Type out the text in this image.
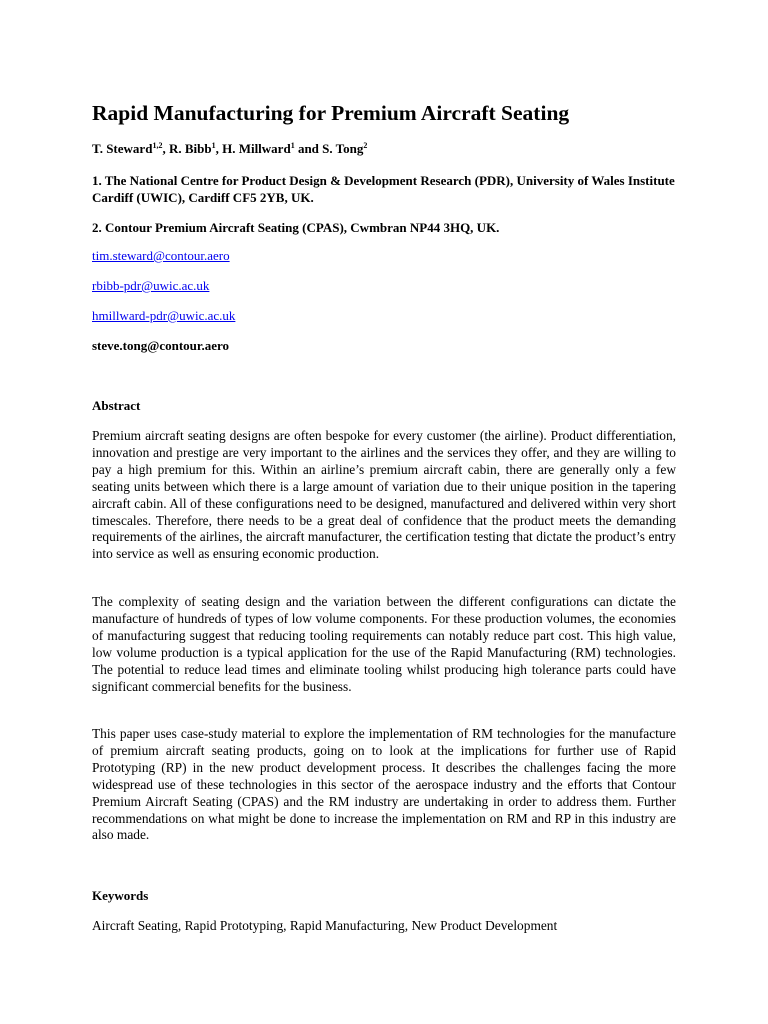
Rapid Manufacturing for Premium Aircraft Seating

T. Steward$^{1,2}$, R. Bibb$^1$, H. Millward$^1$ and S. Tong$^2$

1. The National Centre for Product Design & Development Research (PDR), University of Wales Institute Cardiff (UWIC), Cardiff CF5 2YB, UK.

2. Contour Premium Aircraft Seating (CPAS), Cwmbran NP44 3HQ, UK.

tim.steward@contour.aero

rbibb-pdr@uwic.ac.uk

hmillward-pdr@uwic.ac.uk

steve.tong@contour.aero

Abstract

Premium aircraft seating designs are often bespoke for every customer (the airline). Product differentiation, innovation and prestige are very important to the airlines and the services they offer, and they are willing to pay a high premium for this. Within an airline’s premium aircraft cabin, there are generally only a few seating units between which there is a large amount of variation due to their unique position in the tapering aircraft cabin. All of these configurations need to be designed, manufactured and delivered within very short timescales. Therefore, there needs to be a great deal of confidence that the product meets the demanding requirements of the airlines, the aircraft manufacturer, the certification testing that dictate the product’s entry into service as well as ensuring economic production.

The complexity of seating design and the variation between the different configurations can dictate the manufacture of hundreds of types of low volume components. For these production volumes, the economies of manufacturing suggest that reducing tooling requirements can notably reduce part cost. This high value, low volume production is a typical application for the use of the Rapid Manufacturing (RM) technologies. The potential to reduce lead times and eliminate tooling whilst producing high tolerance parts could have significant commercial benefits for the business.

This paper uses case-study material to explore the implementation of RM technologies for the manufacture of premium aircraft seating products, going on to look at the implications for further use of Rapid Prototyping (RP) in the new product development process. It describes the challenges facing the more widespread use of these technologies in this sector of the aerospace industry and the efforts that Contour Premium Aircraft Seating (CPAS) and the RM industry are undertaking in order to address them. Further recommendations on what might be done to increase the implementation on RM and RP in this industry are also made.

Keywords

Aircraft Seating, Rapid Prototyping, Rapid Manufacturing, New Product Development
